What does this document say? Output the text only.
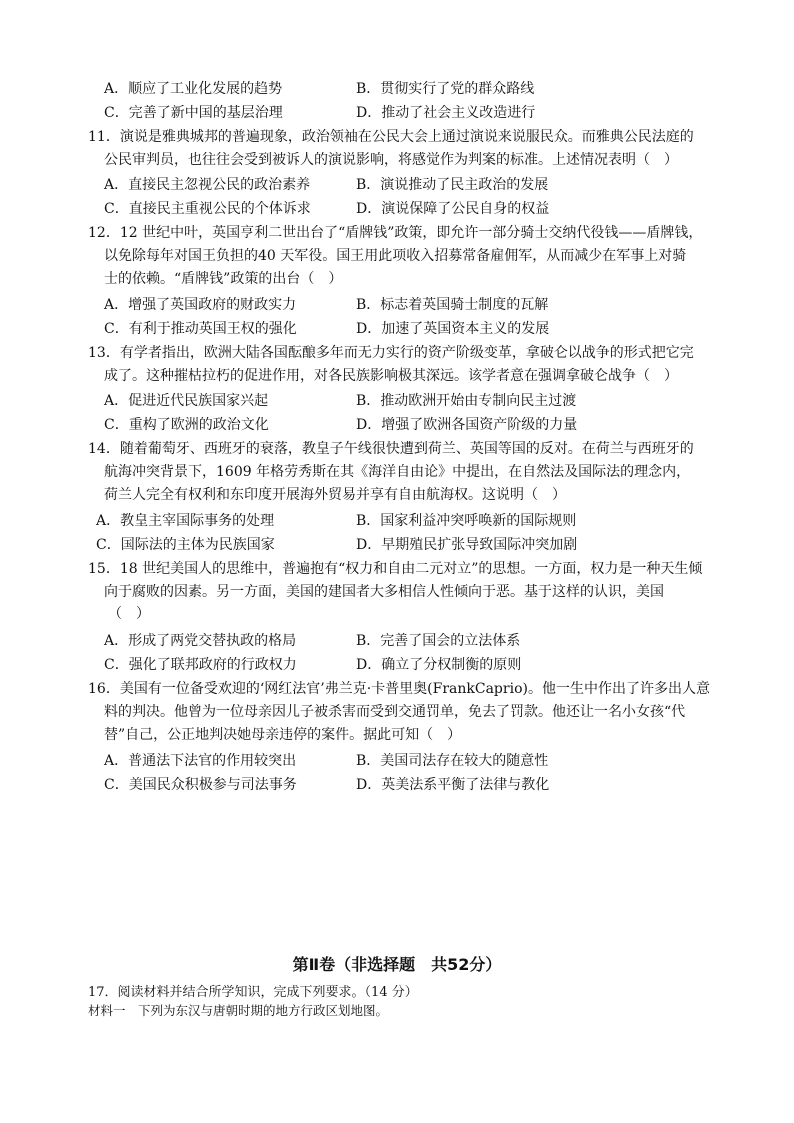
A．顺应了工业化发展的趋势	B．贯彻实行了党的群众路线
C．完善了新中国的基层治理	D．推动了社会主义改造进行
11．演说是雅典城邦的普遍现象，政治领袖在公民大会上通过演说来说服民众。而雅典公民法庭的
公民审判员，也往往会受到被诉人的演说影响，将感觉作为判案的标准。上述情况表明（　）
A．直接民主忽视公民的政治素养	B．演说推动了民主政治的发展
C．直接民主重视公民的个体诉求	D．演说保障了公民自身的权益
12．12 世纪中叶，英国亨利二世出台了“盾牌钱”政策，即允许一部分骑士交纳代役钱——盾牌钱，
以免除每年对国王负担的40 天军役。国王用此项收入招募常备雇佣军，从而减少在军事上对骑
士的依赖。“盾牌钱”政策的出台（　）
A．增强了英国政府的财政实力	B．标志着英国骑士制度的瓦解
C．有利于推动英国王权的强化	D．加速了英国资本主义的发展
13．有学者指出，欧洲大陆各国酝酿多年而无力实行的资产阶级变革，拿破仑以战争的形式把它完
成了。这种摧枯拉朽的促进作用，对各民族影响极其深远。该学者意在强调拿破仑战争（　）
A．促进近代民族国家兴起	B．推动欧洲开始由专制向民主过渡
C．重构了欧洲的政治文化	D．增强了欧洲各国资产阶级的力量
14．随着葡萄牙、西班牙的衰落，教皇子午线很快遭到荷兰、英国等国的反对。在荷兰与西班牙的
航海冲突背景下，1609 年格劳秀斯在其《海洋自由论》中提出，在自然法及国际法的理念内，
荷兰人完全有权利和东印度开展海外贸易并享有自由航海权。这说明（　）
A．教皇主宰国际事务的处理	B．国家利益冲突呼唤新的国际规则
C．国际法的主体为民族国家	D．早期殖民扩张导致国际冲突加剧
15．18 世纪美国人的思维中，普遍抱有“权力和自由二元对立”的思想。一方面，权力是一种天生倾
向于腐败的因素。另一方面，美国的建国者大多相信人性倾向于恶。基于这样的认识，美国
（　）
A．形成了两党交替执政的格局	B．完善了国会的立法体系
C．强化了联邦政府的行政权力	D．确立了分权制衡的原则
16．美国有一位备受欢迎的‘网红法官’弗兰克·卡普里奥(FrankCaprio)。他一生中作出了许多出人意
料的判决。他曾为一位母亲因儿子被杀害而受到交通罚单，免去了罚款。他还让一名小女孩“代
替”自己，公正地判决她母亲违停的案件。据此可知（　）
A．普通法下法官的作用较突出	B．美国司法存在较大的随意性
C．美国民众积极参与司法事务	D．英美法系平衡了法律与教化
第Ⅱ卷（非选择题　共52分）
17．阅读材料并结合所学知识，完成下列要求。（14 分）
材料一　下列为东汉与唐朝时期的地方行政区划地图。
